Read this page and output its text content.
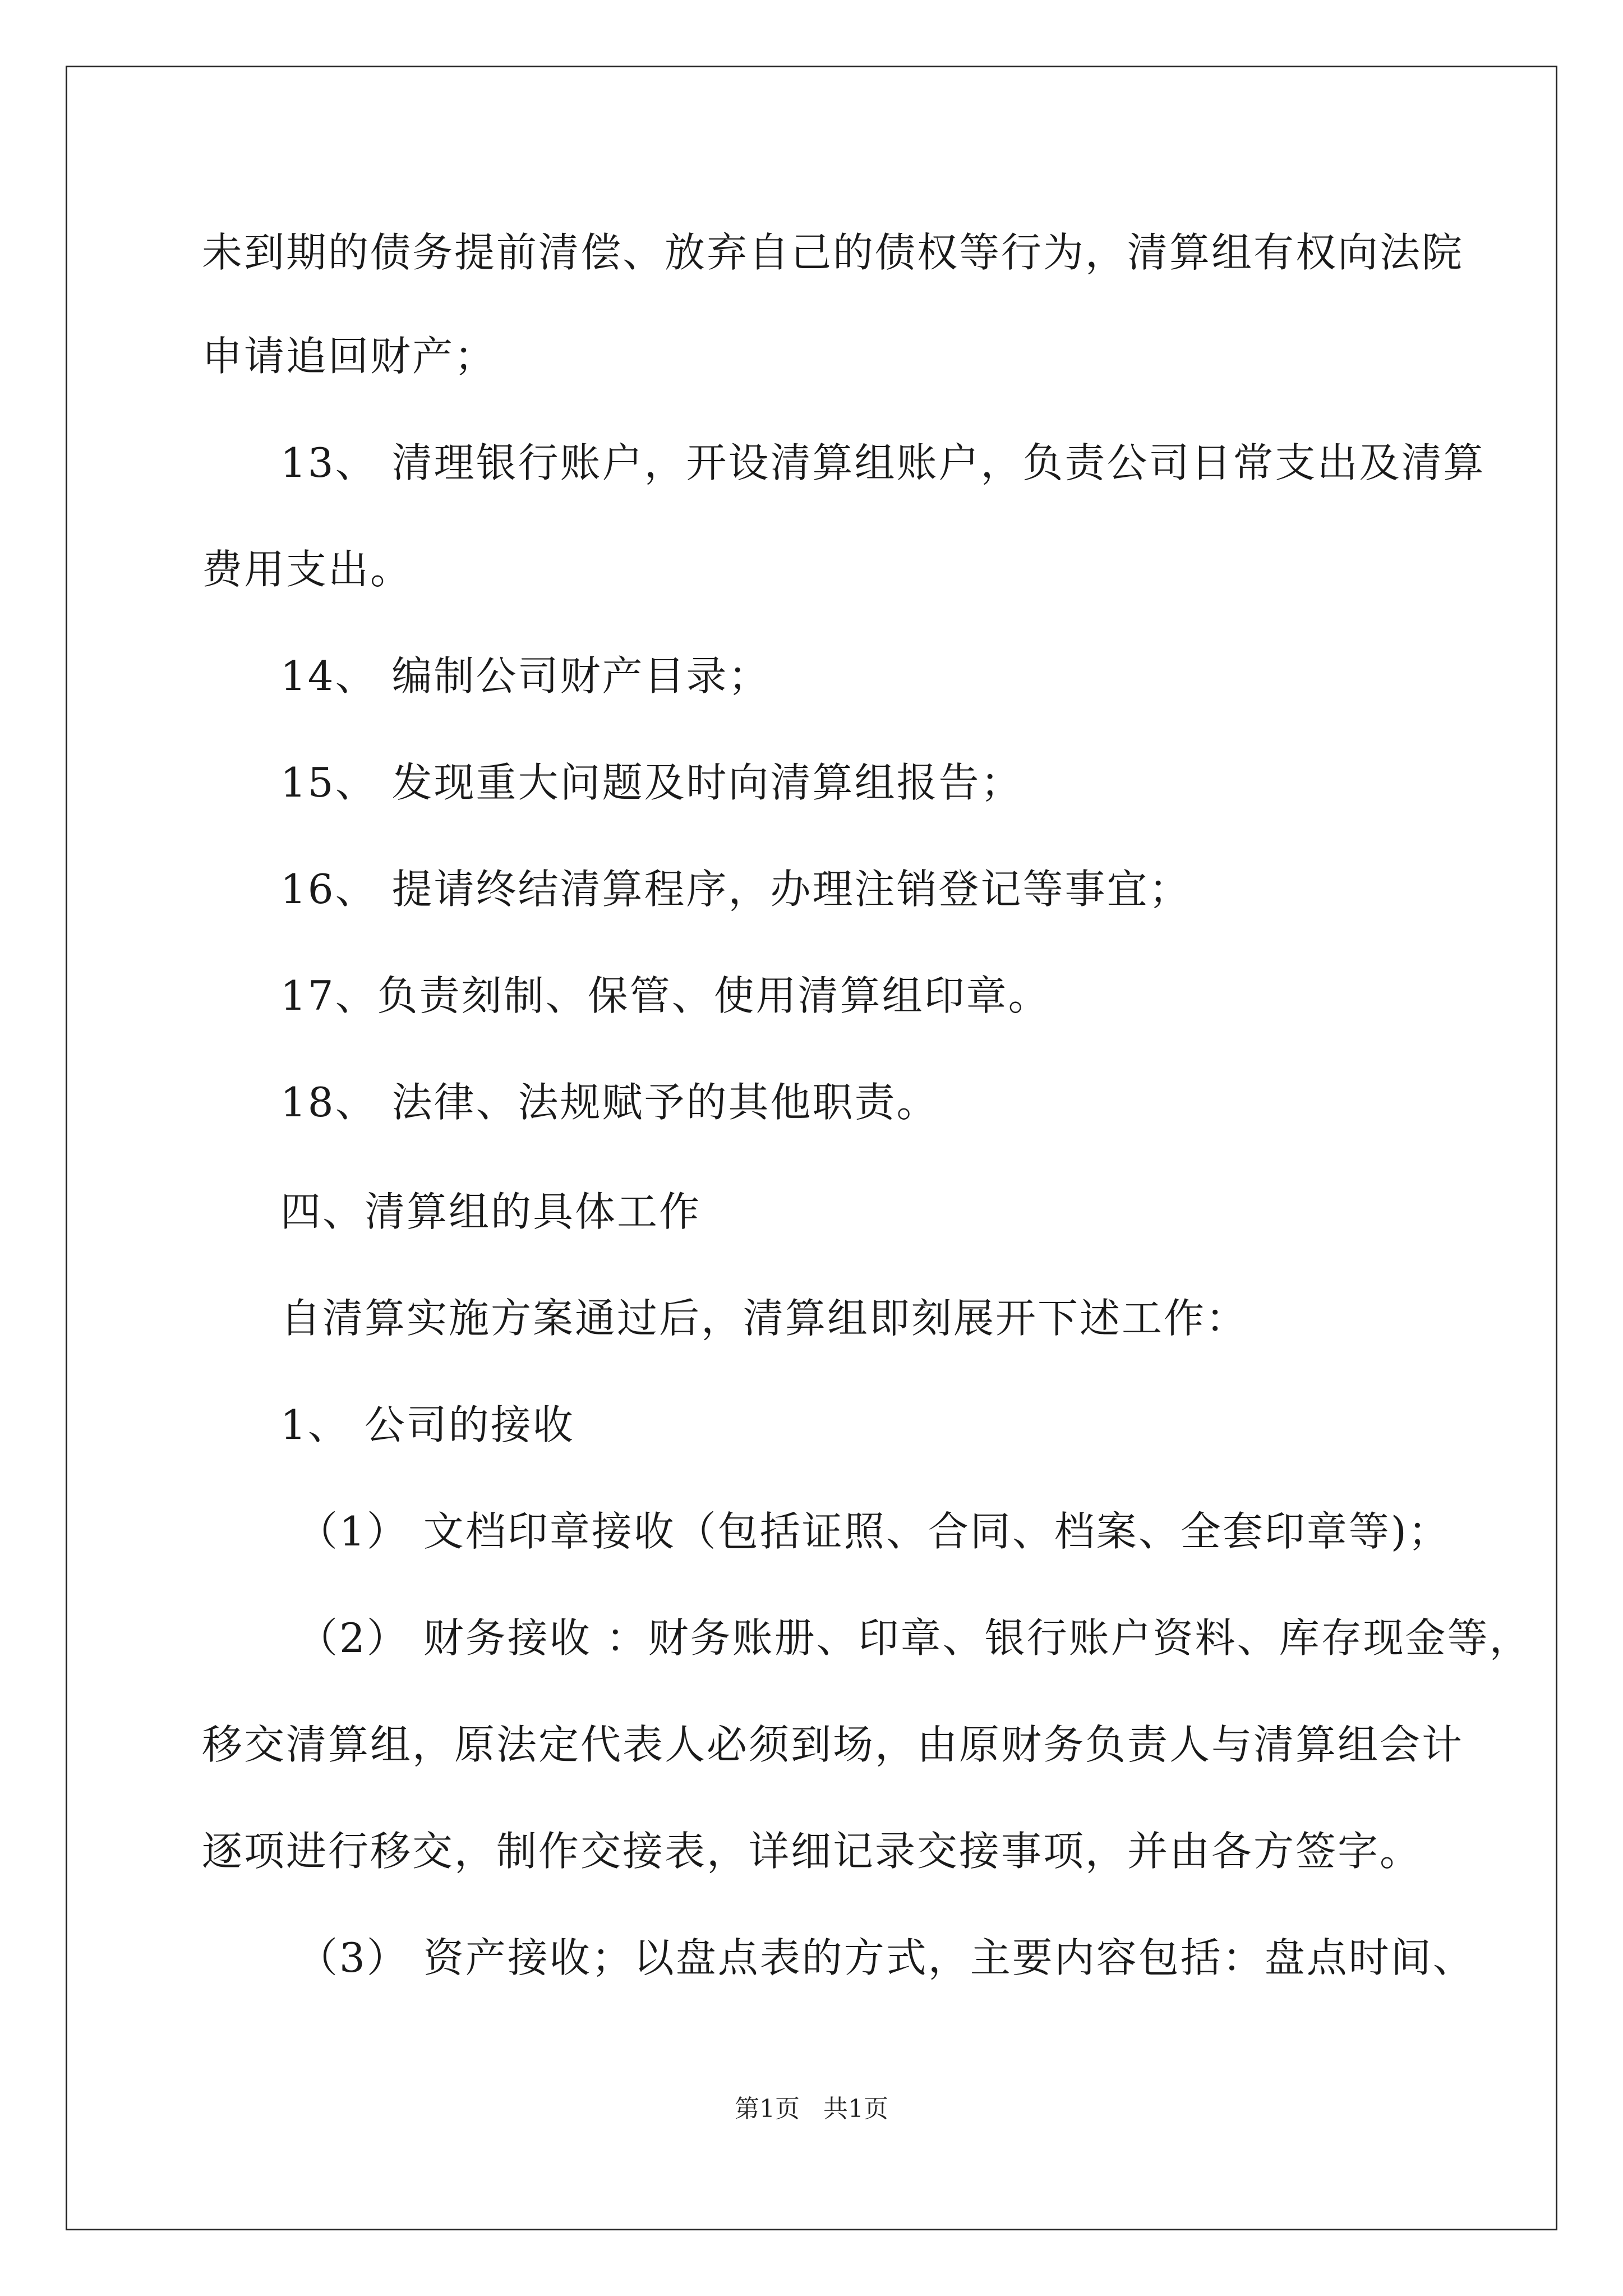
未到期的债务提前清偿、放弃自己的债权等行为，清算组有权向法院
申请追回财产；
13、 清理银行账户，开设清算组账户，负责公司日常支出及清算
费用支出。
14、 编制公司财产目录；
15、 发现重大问题及时向清算组报告；
16、 提请终结清算程序，办理注销登记等事宜；
17、负责刻制、保管、使用清算组印章。
18、 法律、法规赋予的其他职责。
四、清算组的具体工作
自清算实施方案通过后，清算组即刻展开下述工作：
1、 公司的接收
（1） 文档印章接收（包括证照、合同、档案、全套印章等)；
（2） 财务接收 ：财务账册、印章、银行账户资料、库存现金等，
移交清算组，原法定代表人必须到场，由原财务负责人与清算组会计
逐项进行移交，制作交接表，详细记录交接事项，并由各方签字。
（3） 资产接收；以盘点表的方式，主要内容包括：盘点时间、
第1页   共1页
